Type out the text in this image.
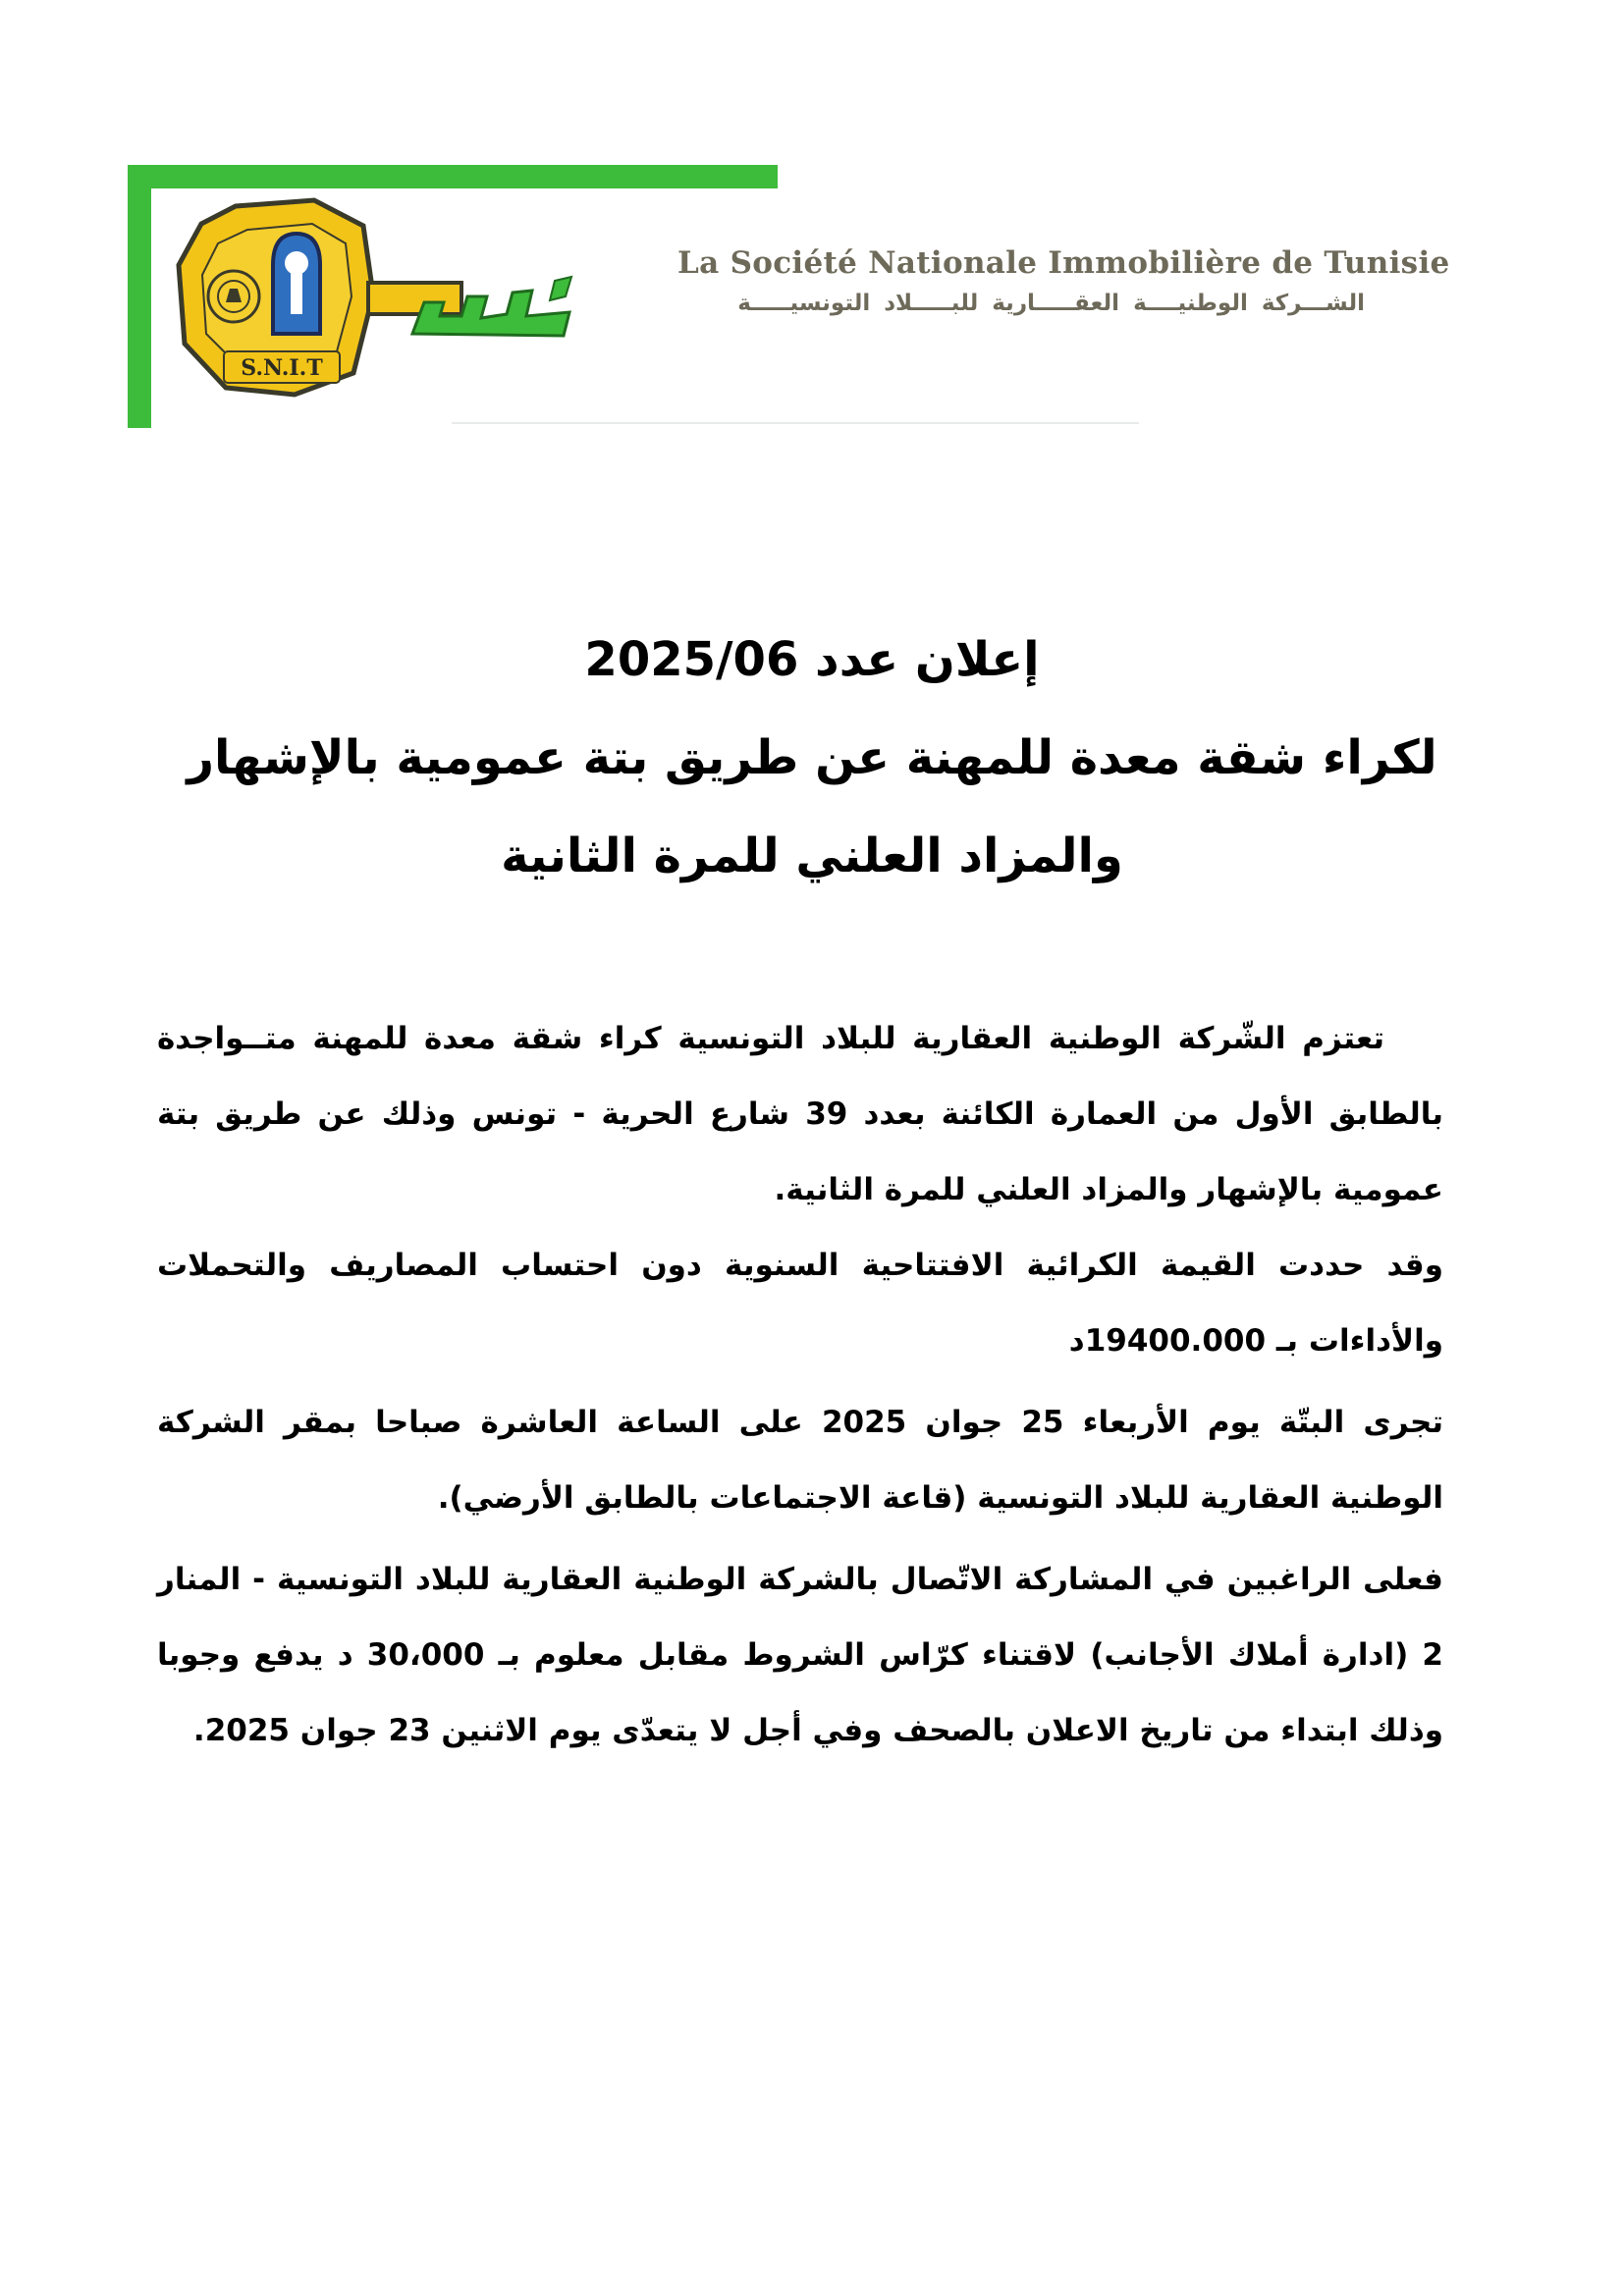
S.N.I.T
La Société Nationale Immobilière de Tunisie
الشـــركة الوطنيــــة العقـــــارية للبـــــلاد التونسيـــــة
إعلان عدد 2025/06
لكراء شقة معدة للمهنة عن طريق بتة عمومية بالإشهار
والمزاد العلني للمرة الثانية

تعتزم الشّركة الوطنية العقارية للبلاد التونسية كراء شقة معدة للمهنة متــواجدة بالطابق الأول من العمارة الكائنة بعدد 39 شارع الحرية - تونس وذلك عن طريق بتة عمومية بالإشهار والمزاد العلني للمرة الثانية.

وقد حددت القيمة الكرائية الافتتاحية السنوية دون احتساب المصاريف والتحملات والأداءات بـ 19400.000د

تجرى البتّة يوم الأربعاء 25 جوان 2025 على الساعة العاشرة صباحا بمقر الشركة الوطنية العقارية للبلاد التونسية (قاعة الاجتماعات بالطابق الأرضي).

فعلى الراغبين في المشاركة الاتّصال بالشركة الوطنية العقارية للبلاد التونسية - المنار 2 (ادارة أملاك الأجانب) لاقتناء كرّاس الشروط مقابل معلوم بـ 30،000 د يدفع وجوبا وذلك ابتداء من تاريخ الاعلان بالصحف وفي أجل لا يتعدّى يوم الاثنين 23 جوان 2025.
